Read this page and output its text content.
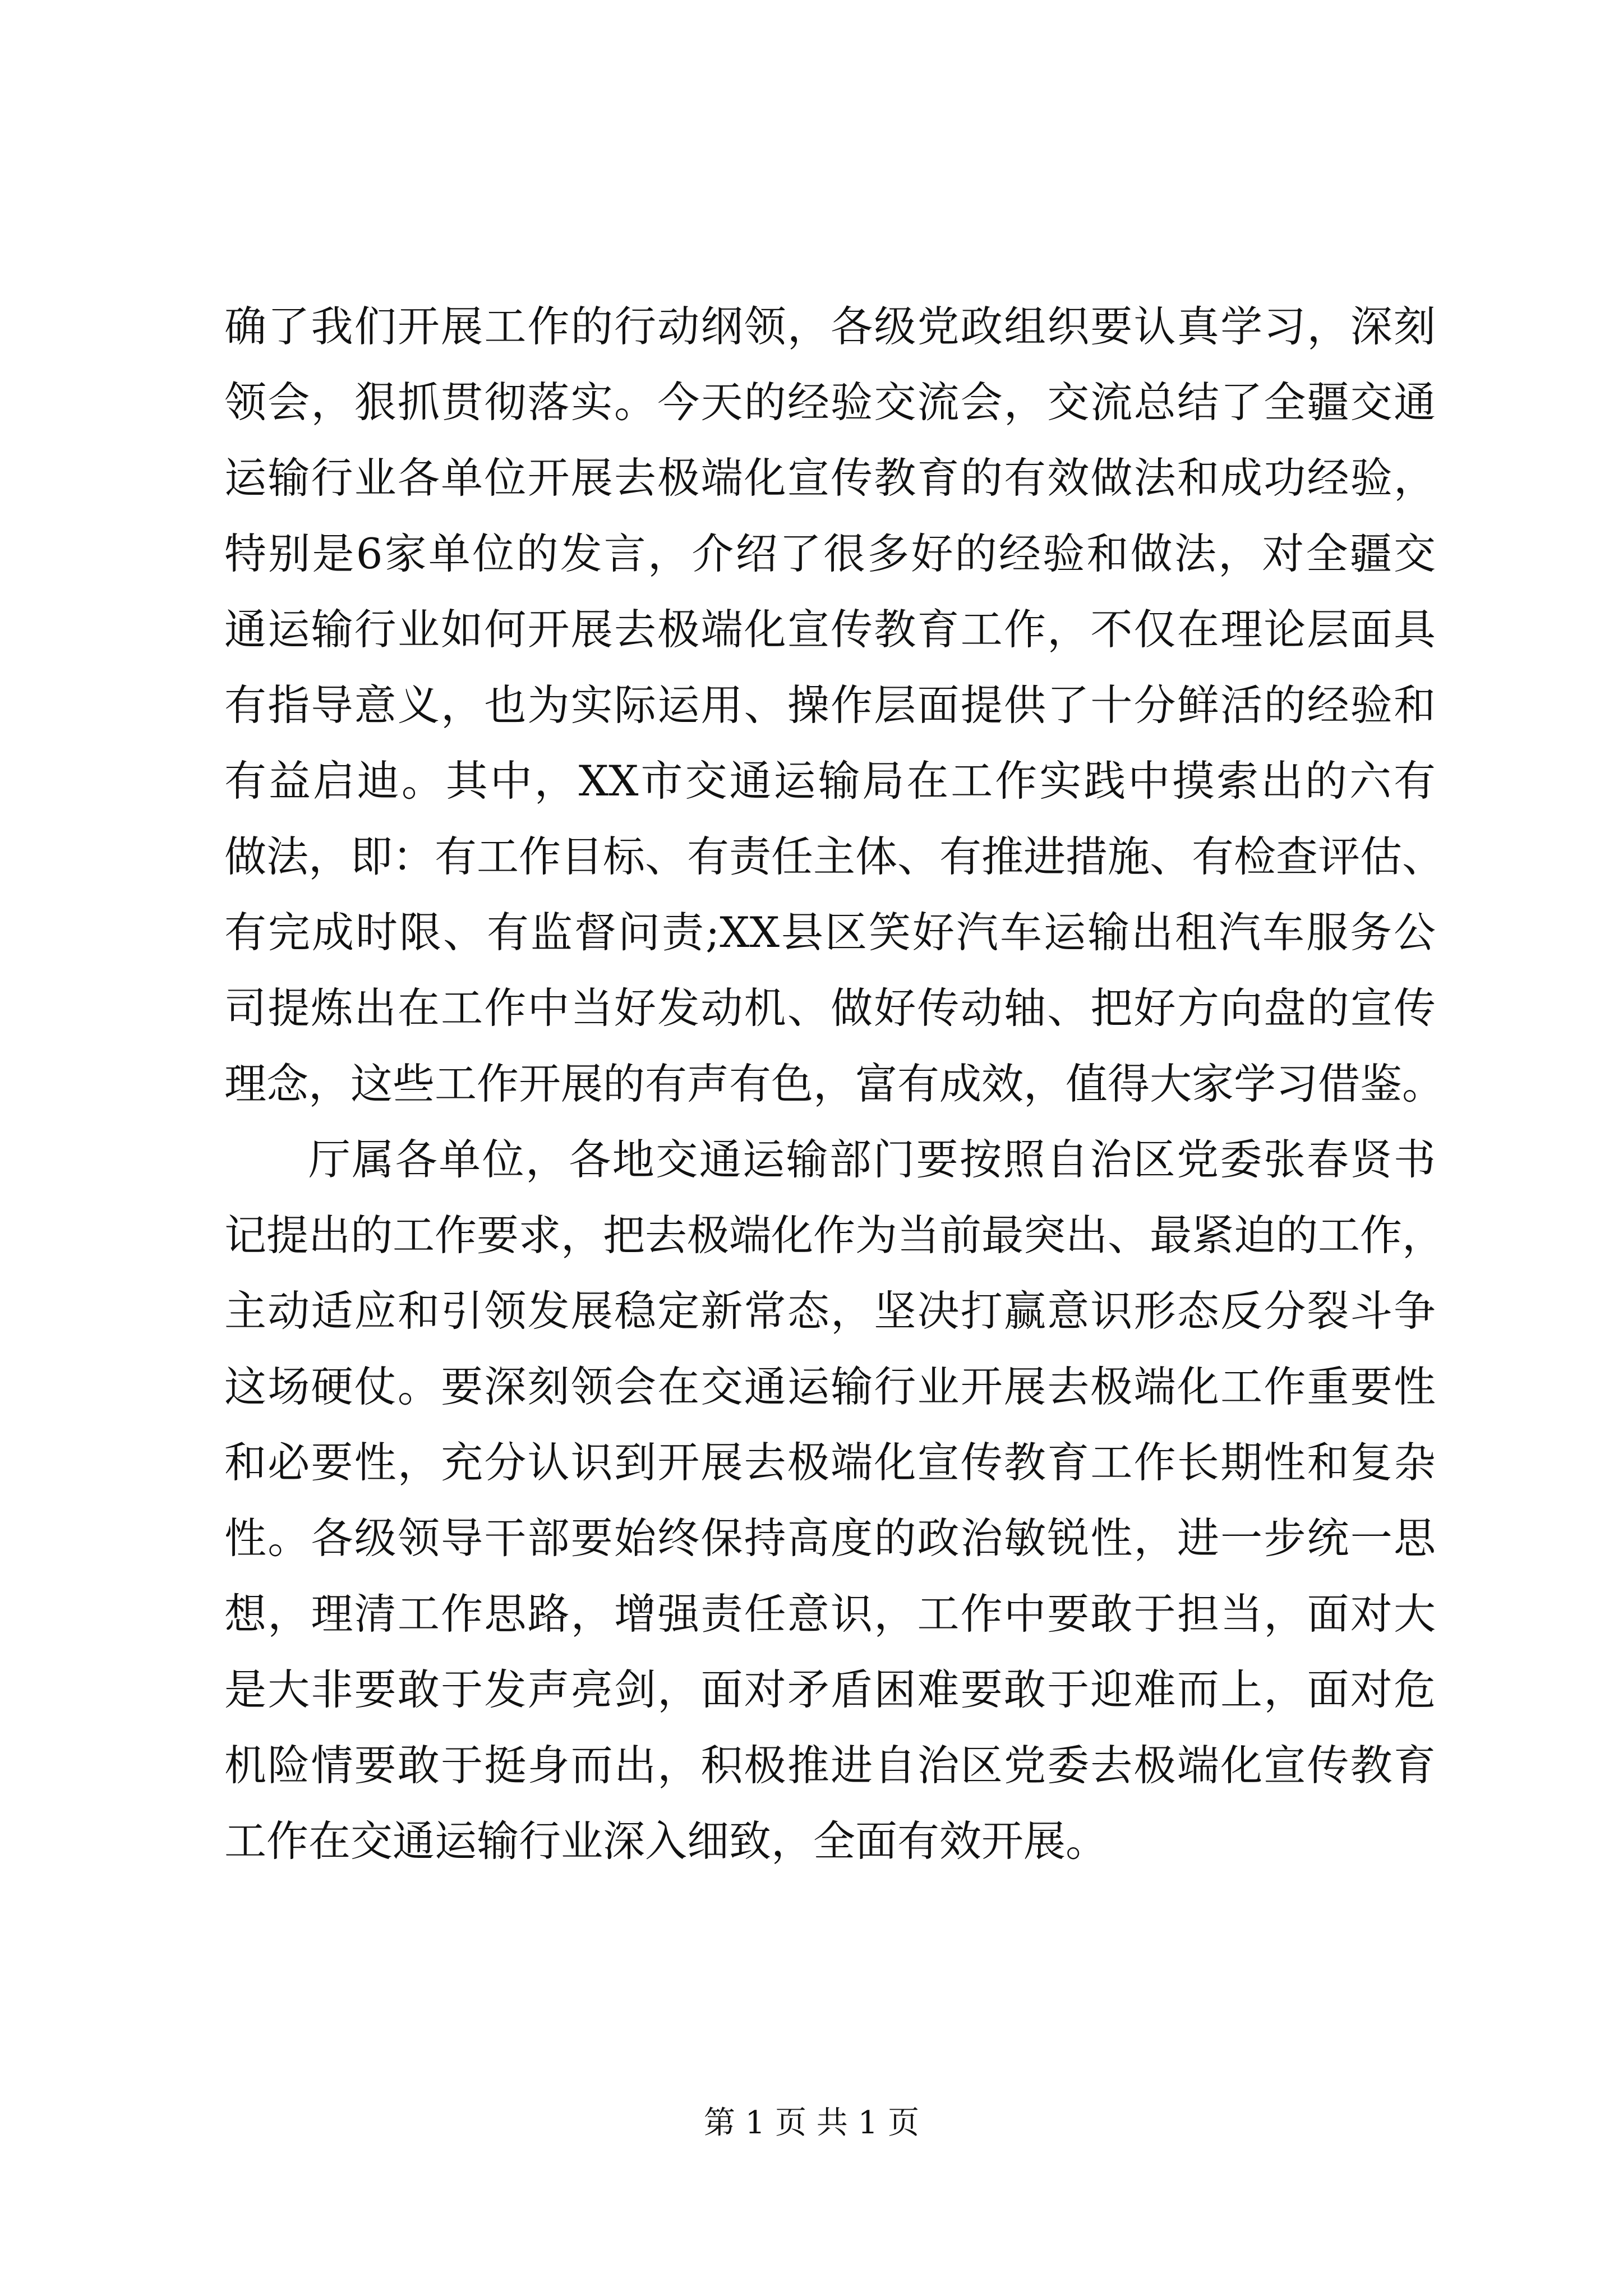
确了我们开展工作的行动纲领，各级党政组织要认真学习，深刻
领会，狠抓贯彻落实。今天的经验交流会，交流总结了全疆交通
运输行业各单位开展去极端化宣传教育的有效做法和成功经验，
特别是6家单位的发言，介绍了很多好的经验和做法，对全疆交
通运输行业如何开展去极端化宣传教育工作，不仅在理论层面具
有指导意义，也为实际运用、操作层面提供了十分鲜活的经验和
有益启迪。其中，XX市交通运输局在工作实践中摸索出的六有
做法，即：有工作目标、有责任主体、有推进措施、有检查评估、
有完成时限、有监督问责;XX县区笑好汽车运输出租汽车服务公
司提炼出在工作中当好发动机、做好传动轴、把好方向盘的宣传
理念，这些工作开展的有声有色，富有成效，值得大家学习借鉴。
厅属各单位，各地交通运输部门要按照自治区党委张春贤书
记提出的工作要求，把去极端化作为当前最突出、最紧迫的工作，
主动适应和引领发展稳定新常态，坚决打赢意识形态反分裂斗争
这场硬仗。要深刻领会在交通运输行业开展去极端化工作重要性
和必要性，充分认识到开展去极端化宣传教育工作长期性和复杂
性。各级领导干部要始终保持高度的政治敏锐性，进一步统一思
想，理清工作思路，增强责任意识，工作中要敢于担当，面对大
是大非要敢于发声亮剑，面对矛盾困难要敢于迎难而上，面对危
机险情要敢于挺身而出，积极推进自治区党委去极端化宣传教育
工作在交通运输行业深入细致，全面有效开展。
第 1 页 共 1 页
